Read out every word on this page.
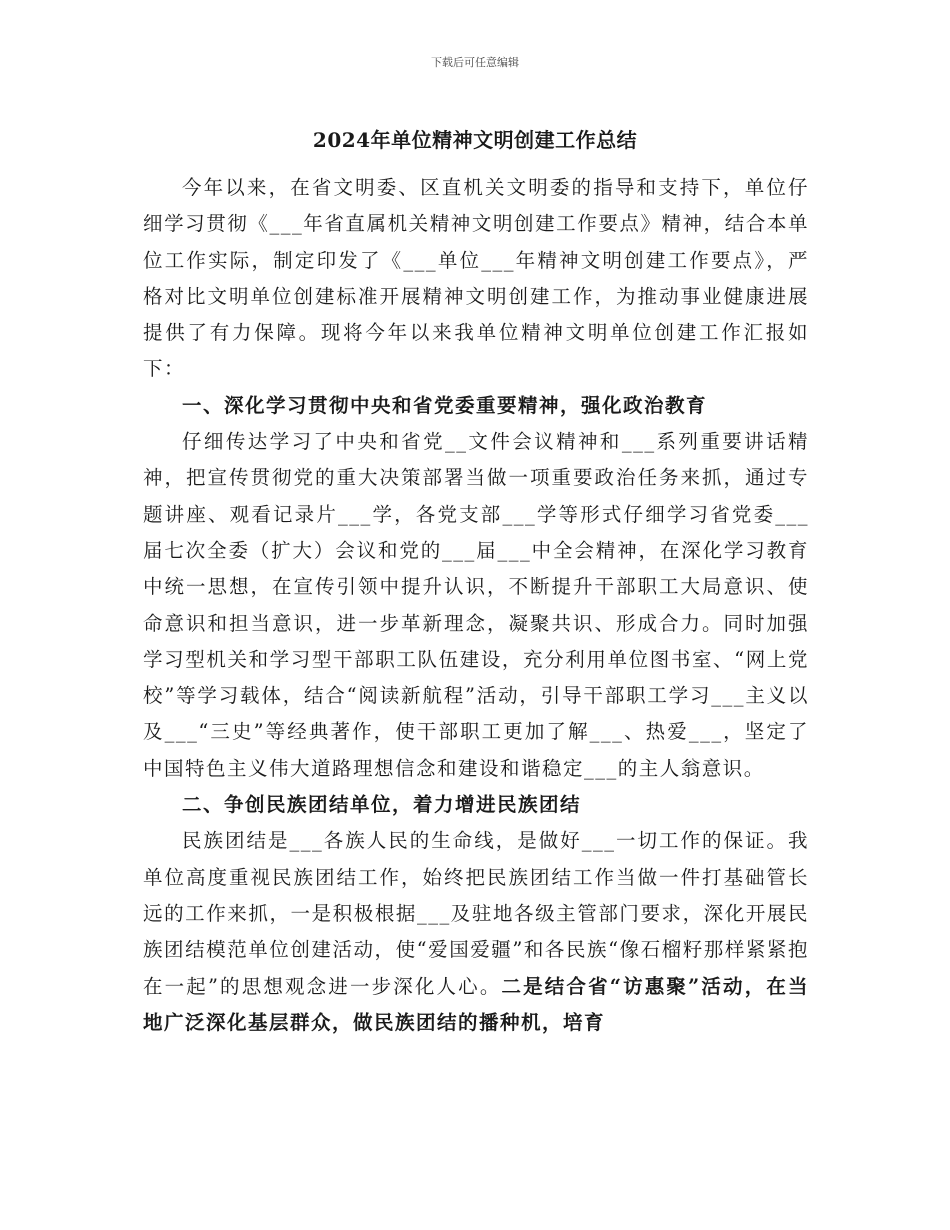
下载后可任意编辑
2024年单位精神文明创建工作总结

今年以来，在省文明委、区直机关文明委的指导和支持下，单位仔细学习贯彻《___年省直属机关精神文明创建工作要点》精神，结合本单位工作实际，制定印发了《___单位___年精神文明创建工作要点》，严格对比文明单位创建标准开展精神文明创建工作，为推动事业健康进展提供了有力保障。现将今年以来我单位精神文明单位创建工作汇报如下：

一、深化学习贯彻中央和省党委重要精神，强化政治教育

仔细传达学习了中央和省党__文件会议精神和___系列重要讲话精神，把宣传贯彻党的重大决策部署当做一项重要政治任务来抓，通过专题讲座、观看记录片___学，各党支部___学等形式仔细学习省党委___届七次全委（扩大）会议和党的___届___中全会精神，在深化学习教育中统一思想，在宣传引领中提升认识，不断提升干部职工大局意识、使命意识和担当意识，进一步革新理念，凝聚共识、形成合力。同时加强学习型机关和学习型干部职工队伍建设，充分利用单位图书室、“网上党校”等学习载体，结合“阅读新航程”活动，引导干部职工学习___主义以及___“三史”等经典著作，使干部职工更加了解___、热爱___，坚定了中国特色主义伟大道路理想信念和建设和谐稳定___的主人翁意识。

二、争创民族团结单位，着力增进民族团结

民族团结是___各族人民的生命线，是做好___一切工作的保证。我单位高度重视民族团结工作，始终把民族团结工作当做一件打基础管长远的工作来抓，一是积极根据___及驻地各级主管部门要求，深化开展民族团结模范单位创建活动，使“爱国爱疆”和各民族“像石榴籽那样紧紧抱在一起”的思想观念进一步深化人心。二是结合省“访惠聚”活动，在当地广泛深化基层群众，做民族团结的播种机，培育
